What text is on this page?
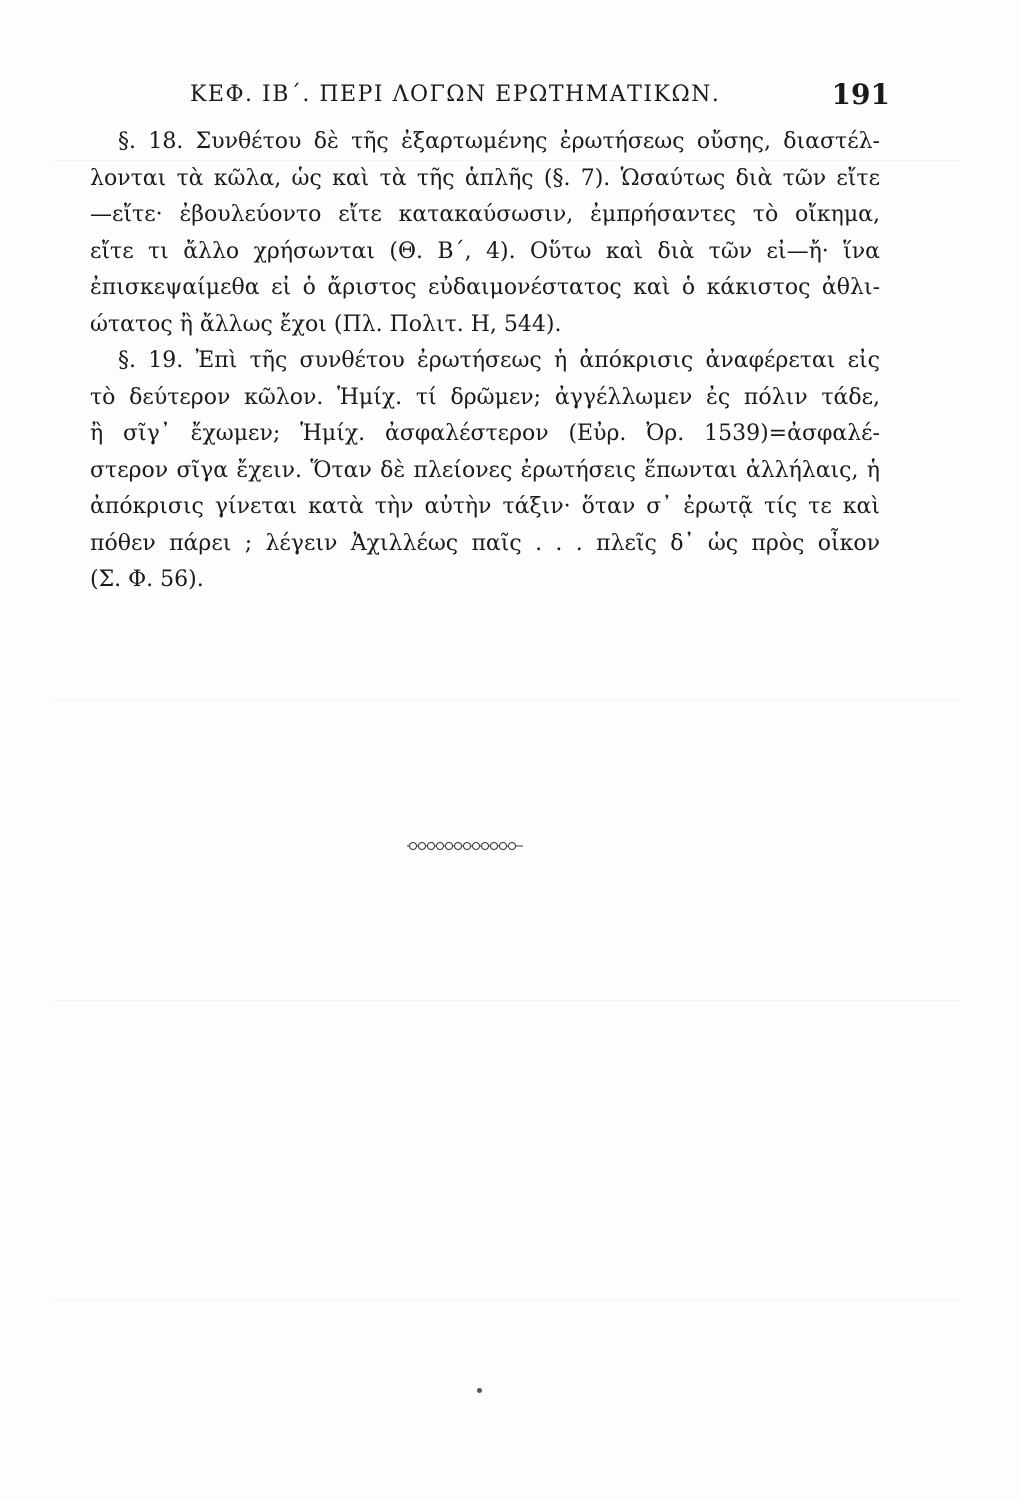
ΚΕΦ. ΙΒ΄. ΠΕΡΙ ΛΟΓΩΝ ΕΡΩΤΗΜΑΤΙΚΩΝ.	191
§. 18. Συνθέτου δὲ τῆς ἐξαρτωμένης ἐρωτήσεως οὔσης, διαστέλ-
λονται τὰ κῶλα, ὡς καὶ τὰ τῆς ἁπλῆς (§. 7). Ὡσαύτως διὰ τῶν εἴτε
—εἴτε· ἐβουλεύοντο εἴτε κατακαύσωσιν, ἐμπρήσαντες τὸ οἴκημα,
εἴτε τι ἄλλο χρήσωνται (Θ. Β΄, 4). Οὕτω καὶ διὰ τῶν εἰ—ἤ· ἵνα
ἐπισκεψαίμεθα εἰ ὁ ἄριστος εὐδαιμονέστατος καὶ ὁ κάκιστος ἀθλι-
ώτατος ἢ ἄλλως ἔχοι (Πλ. Πολιτ. Η, 544).
§. 19. Ἐπὶ τῆς συνθέτου ἐρωτήσεως ἡ ἀπόκρισις ἀναφέρεται εἰς
τὸ δεύτερον κῶλον. Ἡμίχ. τί δρῶμεν; ἀγγέλλωμεν ἐς πόλιν τάδε,
ἢ σῖγ᾽ ἔχωμεν; Ἡμίχ. ἀσφαλέστερον (Εὐρ. Ὀρ. 1539)=ἀσφαλέ-
στερον σῖγα ἔχειν. Ὅταν δὲ πλείονες ἐρωτήσεις ἕπωνται ἀλλήλαις, ἡ
ἀπόκρισις γίνεται κατὰ τὴν αὐτὴν τάξιν· ὅταν σ᾽ ἐρωτᾷ τίς τε καὶ
πόθεν πάρει ; λέγειν Ἀχιλλέως παῖς . . . πλεῖς δ᾽ ὡς πρὸς οἶκον
(Σ. Φ. 56).
